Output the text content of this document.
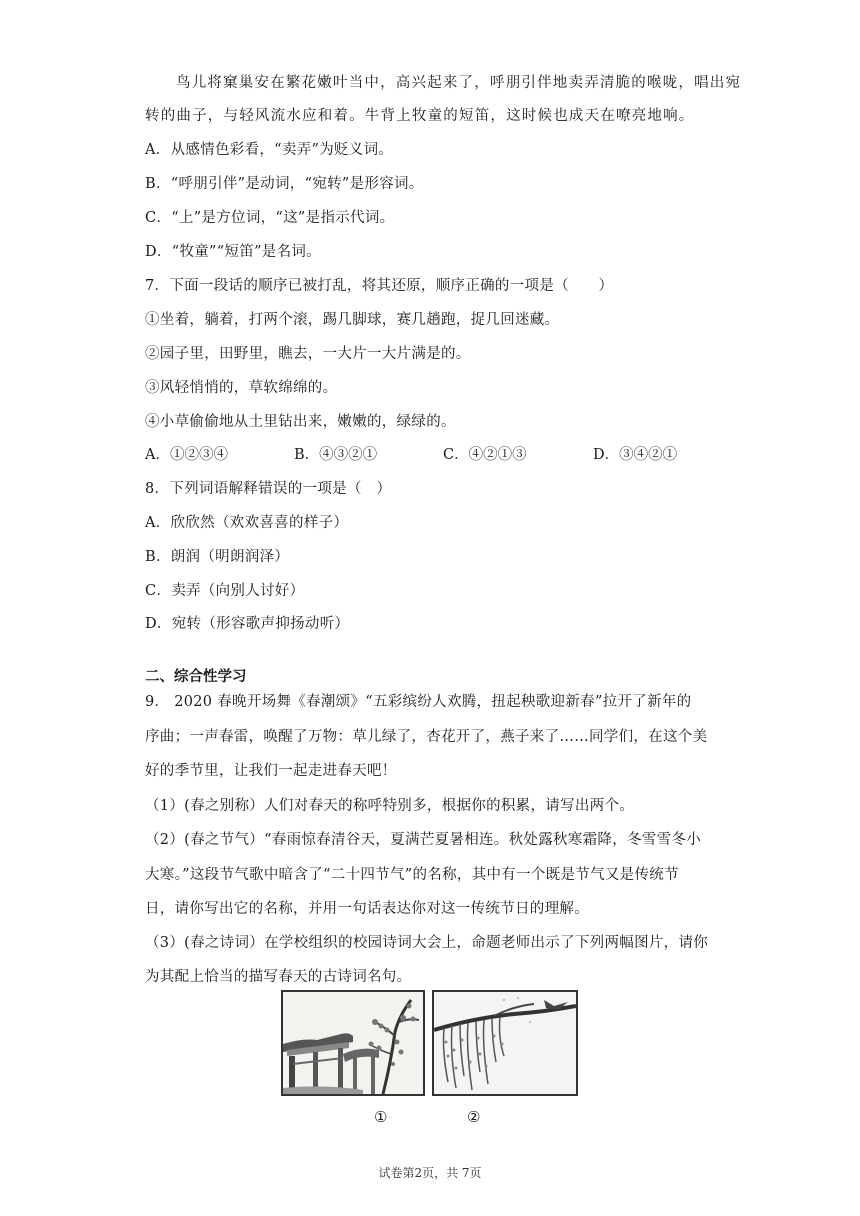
鸟儿将窠巢安在繁花嫩叶当中，高兴起来了，呼朋引伴地卖弄清脆的喉咙，唱出宛
转的曲子，与轻风流水应和着。牛背上牧童的短笛，这时候也成天在嘹亮地响。
A．从感情色彩看，“卖弄”为贬义词。
B．“呼朋引伴”是动词，“宛转”是形容词。
C．“上”是方位词，“这”是指示代词。
D．“牧童”“短笛”是名词。
7．下面一段话的顺序已被打乱，将其还原，顺序正确的一项是（　　）
①坐着，躺着，打两个滚，踢几脚球，赛几趟跑，捉几回迷藏。
②园子里，田野里，瞧去，一大片一大片满是的。
③风轻悄悄的，草软绵绵的。
④小草偷偷地从土里钻出来，嫩嫩的，绿绿的。
A．①②③④	B．④③②①	C．④②①③	D．③④②①
8．下列词语解释错误的一项是（　）
A．欣欣然（欢欢喜喜的样子）
B．朗润（明朗润泽）
C．卖弄（向别人讨好）
D．宛转（形容歌声抑扬动听）
二、综合性学习
9． 2020 春晚开场舞《春潮颂》“五彩缤纷人欢腾，扭起秧歌迎新春”拉开了新年的
序曲；一声春雷，唤醒了万物：草儿绿了，杏花开了，燕子来了……同学们，在这个美
好的季节里，让我们一起走进春天吧！
（1）(春之别称）人们对春天的称呼特别多，根据你的积累，请写出两个。
（2）(春之节气）“春雨惊春清谷天，夏满芒夏暑相连。秋处露秋寒霜降，冬雪雪冬小
大寒。”这段节气歌中暗含了“二十四节气”的名称，其中有一个既是节气又是传统节
日，请你写出它的名称，并用一句话表达你对这一传统节日的理解。
（3）(春之诗词）在学校组织的校园诗词大会上，命题老师出示了下列两幅图片，请你
为其配上恰当的描写春天的古诗词名句。
①	②
试卷第2页，共 7页
